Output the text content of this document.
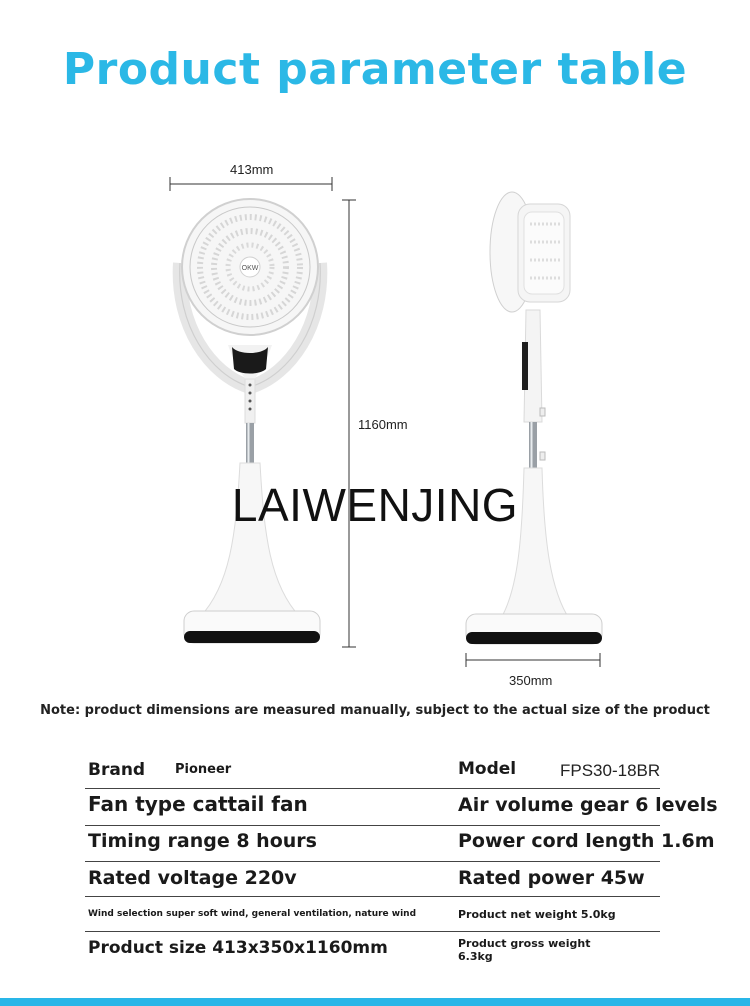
Product parameter table
OKW
413mm
1160mm
350mm
LAIWENJING
Note: product dimensions are measured manually, subject to the actual size of the product
Brand Pioneer	Model	FPS30-18BR
Fan type cattail fan	Air volume gear 6 levels
Timing range 8 hours	Power cord length 1.6m
Rated voltage 220v	Rated power 45w
Wind selection super soft wind, general ventilation, nature wind	Product net weight 5.0kg
Product size 413x350x1160mm	Product gross weight 6.3kg
